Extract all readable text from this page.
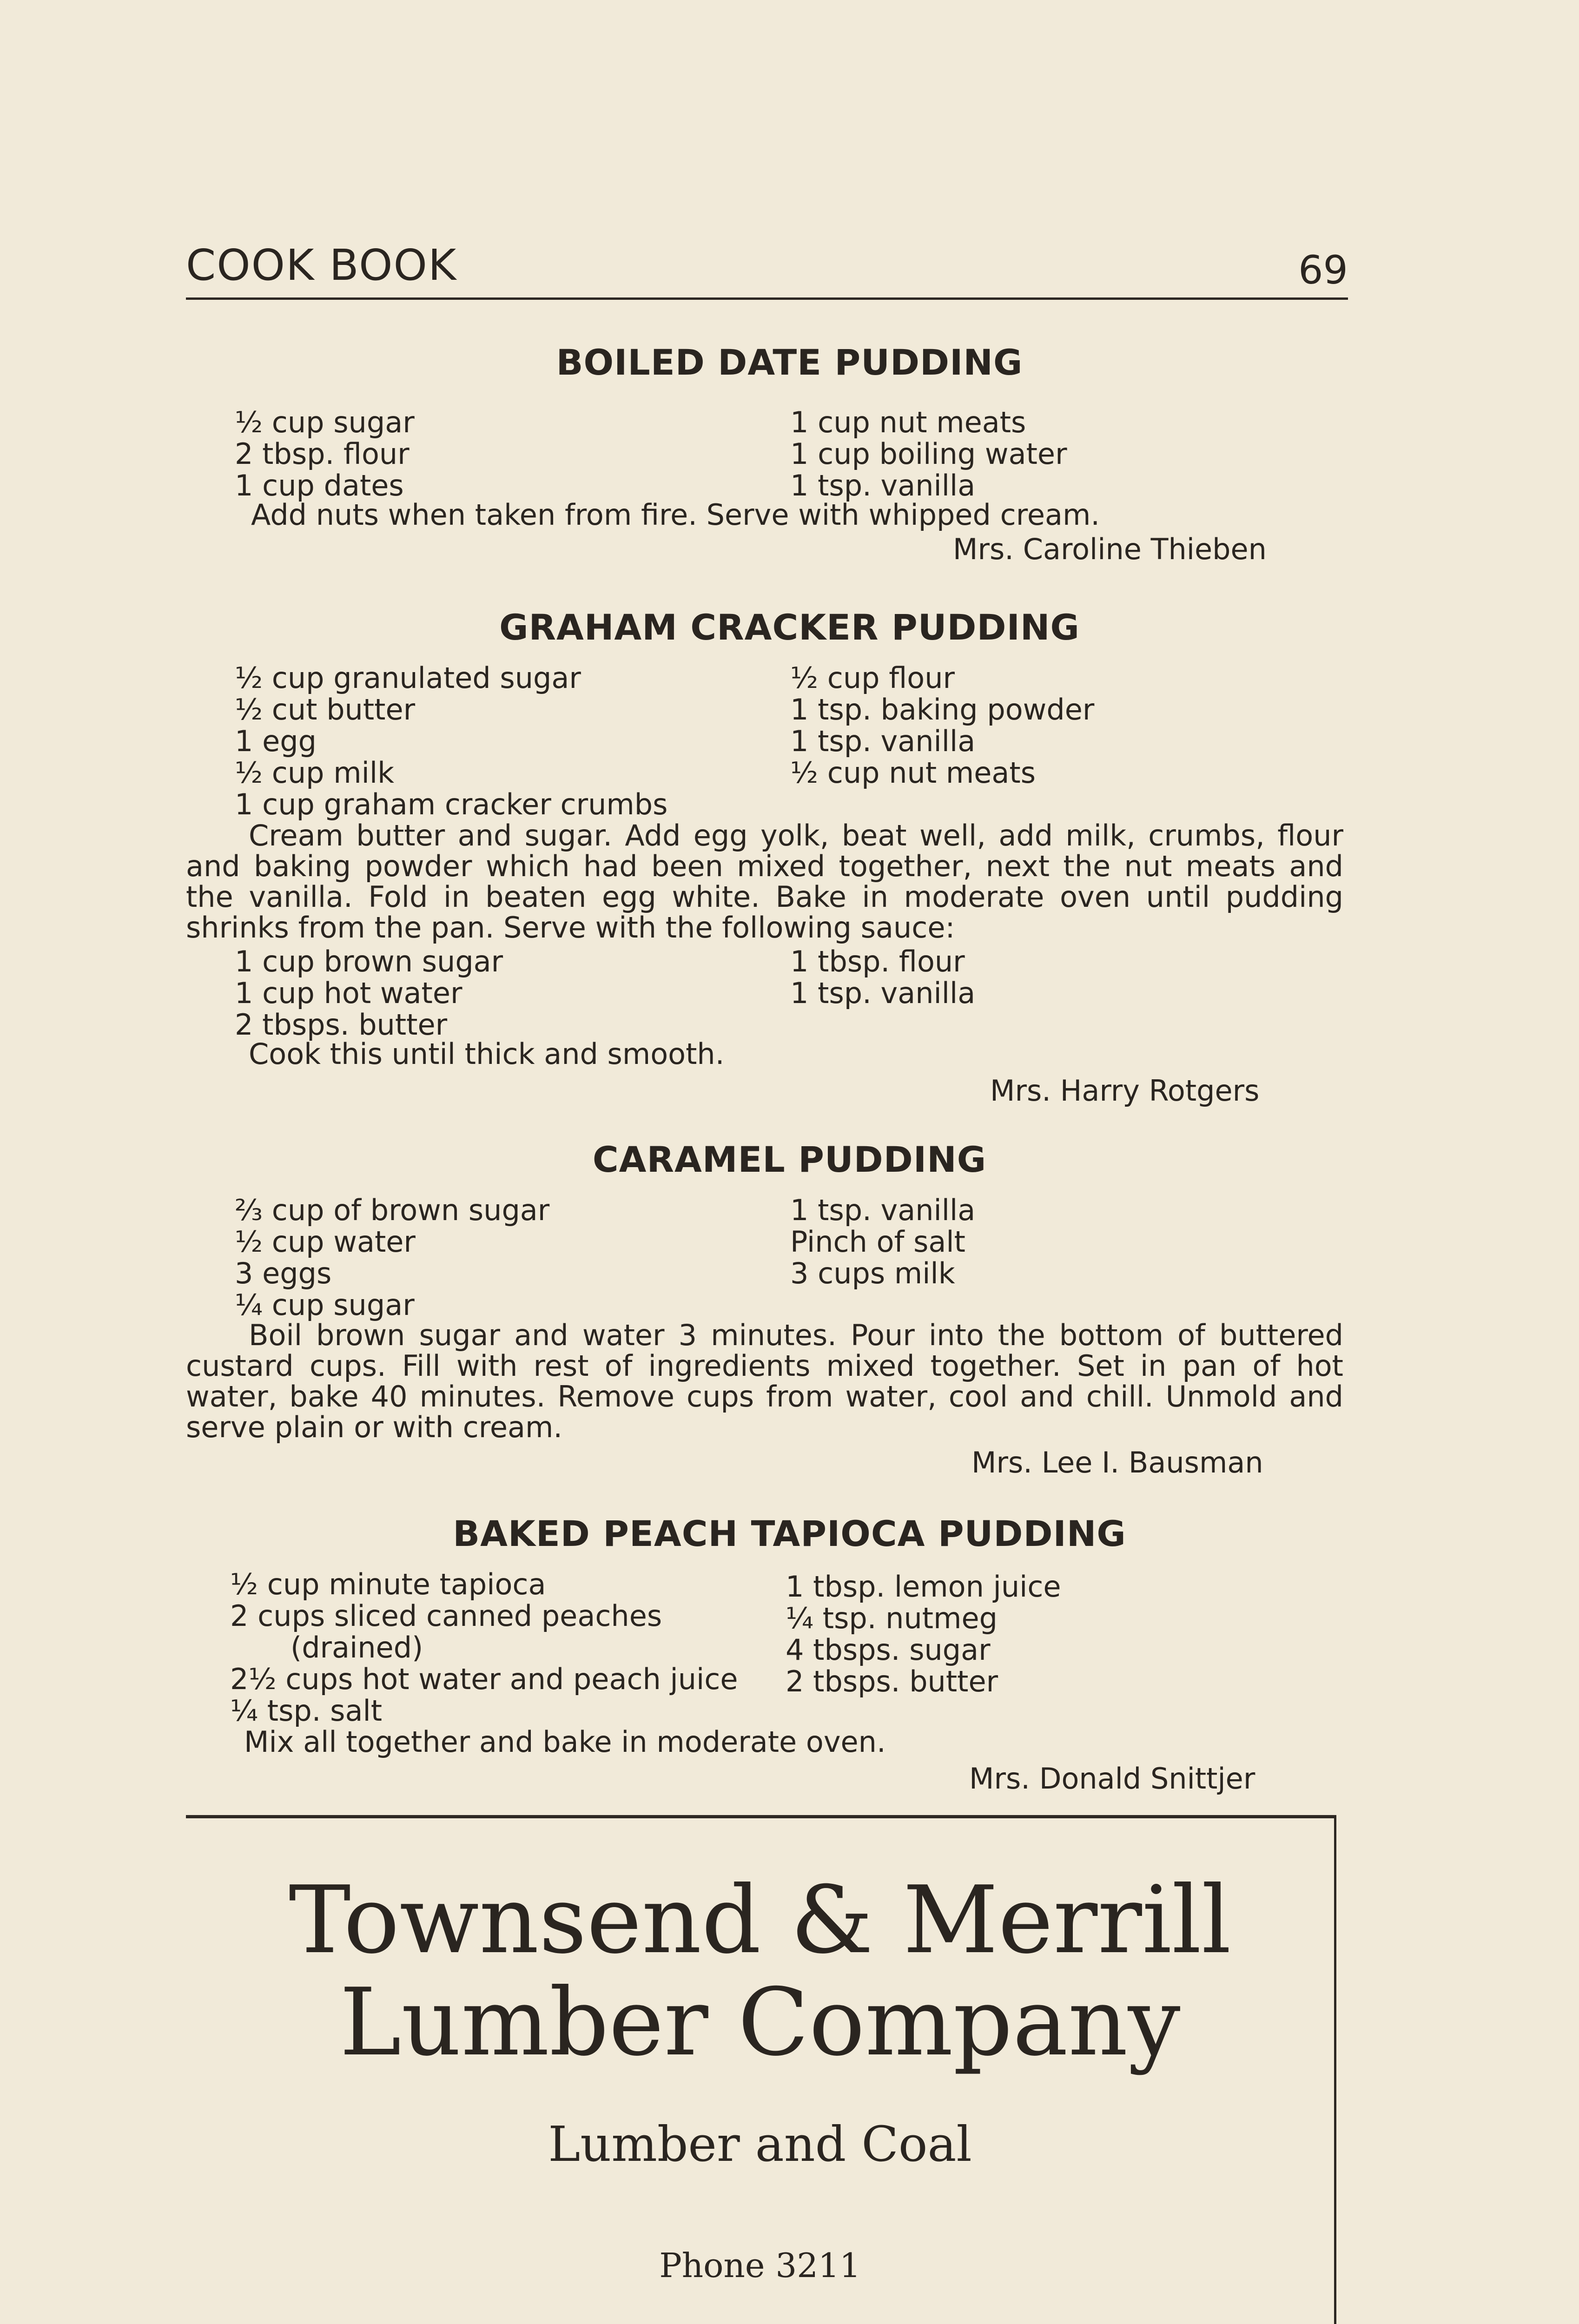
COOK BOOK	69
BOILED DATE PUDDING
½ cup sugar
2 tbsp. flour
1 cup dates
1 cup nut meats
1 cup boiling water
1 tsp. vanilla
Add nuts when taken from fire. Serve with whipped cream.
Mrs. Caroline Thieben
GRAHAM CRACKER PUDDING
½ cup granulated sugar
½ cut butter
1 egg
½ cup milk
1 cup graham cracker crumbs
½ cup flour
1 tsp. baking powder
1 tsp. vanilla
½ cup nut meats
Cream butter and sugar. Add egg yolk, beat well, add milk, crumbs, flour and baking powder which had been mixed together, next the nut meats and the vanilla. Fold in beaten egg white. Bake in moderate oven until pudding shrinks from the pan. Serve with the following sauce:
1 cup brown sugar
1 cup hot water
2 tbsps. butter
1 tbsp. flour
1 tsp. vanilla
Cook this until thick and smooth.
Mrs. Harry Rotgers
CARAMEL PUDDING
⅔ cup of brown sugar
½ cup water
3 eggs
¼ cup sugar
1 tsp. vanilla
Pinch of salt
3 cups milk
Boil brown sugar and water 3 minutes. Pour into the bottom of buttered custard cups. Fill with rest of ingredients mixed together. Set in pan of hot water, bake 40 minutes. Remove cups from water, cool and chill. Unmold and serve plain or with cream.
Mrs. Lee I. Bausman
BAKED PEACH TAPIOCA PUDDING
½ cup minute tapioca
2 cups sliced canned peaches
(drained)
2½ cups hot water and peach juice
¼ tsp. salt
1 tbsp. lemon juice
¼ tsp. nutmeg
4 tbsps. sugar
2 tbsps. butter
Mix all together and bake in moderate oven.
Mrs. Donald Snittjer
Townsend & Merrill
Lumber Company
Lumber and Coal
Phone 3211
